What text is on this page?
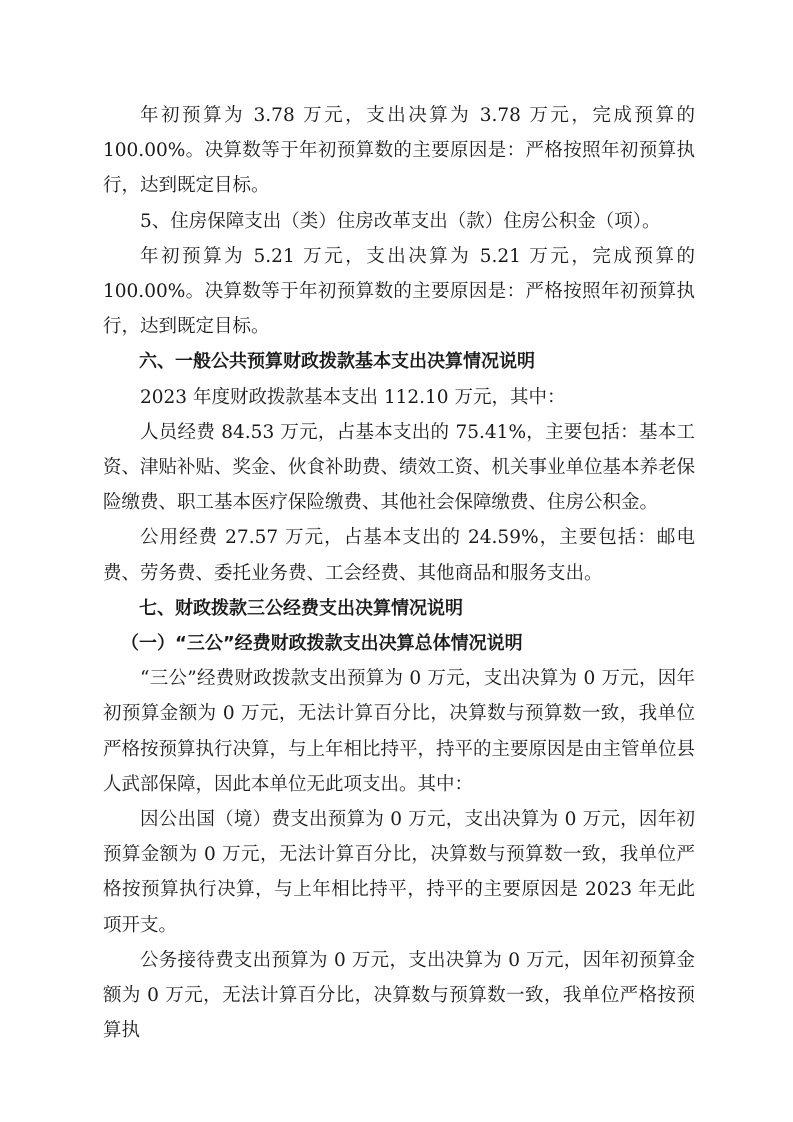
年初预算为 3.78 万元，支出决算为 3.78 万元，完成预算的 100.00%。决算数等于年初预算数的主要原因是：严格按照年初预算执行，达到既定目标。

5、住房保障支出（类）住房改革支出（款）住房公积金（项）。

年初预算为 5.21 万元，支出决算为 5.21 万元，完成预算的 100.00%。决算数等于年初预算数的主要原因是：严格按照年初预算执行，达到既定目标。

六、一般公共预算财政拨款基本支出决算情况说明

2023 年度财政拨款基本支出 112.10 万元，其中：

人员经费 84.53 万元，占基本支出的 75.41%，主要包括：基本工资、津贴补贴、奖金、伙食补助费、绩效工资、机关事业单位基本养老保险缴费、职工基本医疗保险缴费、其他社会保障缴费、住房公积金。

公用经费 27.57 万元，占基本支出的 24.59%，主要包括：邮电费、劳务费、委托业务费、工会经费、其他商品和服务支出。

七、财政拨款三公经费支出决算情况说明

（一）“三公”经费财政拨款支出决算总体情况说明

“三公”经费财政拨款支出预算为 0 万元，支出决算为 0 万元，因年初预算金额为 0 万元，无法计算百分比，决算数与预算数一致，我单位严格按预算执行决算，与上年相比持平，持平的主要原因是由主管单位县人武部保障，因此本单位无此项支出。其中：

因公出国（境）费支出预算为 0 万元，支出决算为 0 万元，因年初预算金额为 0 万元，无法计算百分比，决算数与预算数一致，我单位严格按预算执行决算，与上年相比持平，持平的主要原因是 2023 年无此项开支。

公务接待费支出预算为 0 万元，支出决算为 0 万元，因年初预算金额为 0 万元，无法计算百分比，决算数与预算数一致，我单位严格按预算执
